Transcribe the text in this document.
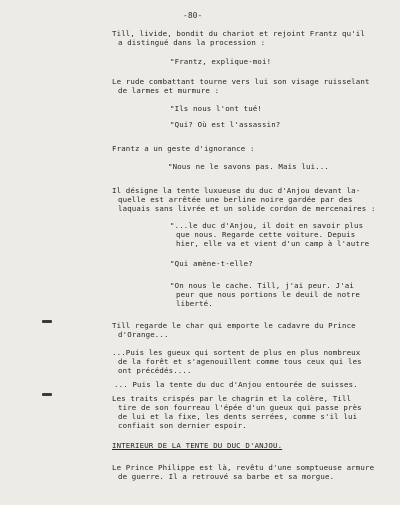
-80-
Till, livide, bondit du chariot et rejoint Frantz qu'il
a distingué dans la procession :
"Frantz, explique-moi!
Le rude combattant tourne vers lui son visage ruisselant
de larmes et murmure :
"Ils nous l'ont tué!
"Qui? Où est l'assassin?
Frantz a un geste d'ignorance :
"Nous ne le savons pas. Mais lui...
Il désigne la tente luxueuse du duc d'Anjou devant la-
quelle est arrêtée une berline noire gardée par des
laquais sans livrée et un solide cordon de mercenaires :
"...le duc d'Anjou, il doit en savoir plus
que nous. Regarde cette voiture. Depuis
hier, elle va et vient d'un camp à l'autre
"Qui amène-t-elle?
"On nous le cache. Till, j'ai peur. J'ai
peur que nous portions le deuil de notre
liberté.
Till regarde le char qui emporte le cadavre du Prince
d'Orange...
...Puis les gueux qui sortent de plus en plus nombreux
de la forêt et s'agenouillent comme tous ceux qui les
ont précédés....
... Puis la tente du duc d'Anjou entourée de suisses.
Les traits crispés par le chagrin et la colère, Till
tire de son fourreau l'épée d'un gueux qui passe près
de lui et la fixe, les dents serrées, comme s'il lui
confiait son dernier espoir.
INTERIEUR DE LA TENTE DU DUC D'ANJOU.
Le Prince Philippe est là, revêtu d'une somptueuse armure
de guerre. Il a retrouvé sa barbe et sa morgue.
